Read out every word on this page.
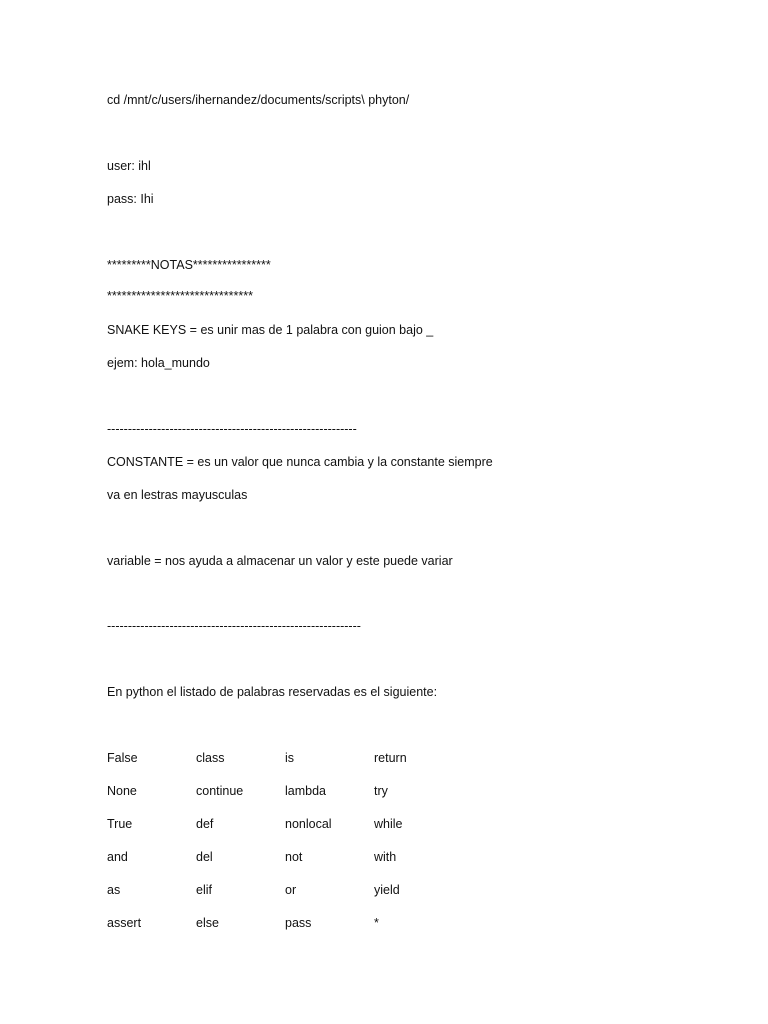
cd /mnt/c/users/ihernandez/documents/scripts\ phyton/
user: ihl
pass: Ihi
*********NOTAS****************
******************************
SNAKE KEYS = es unir mas de 1 palabra con guion bajo _
ejem: hola_mundo
------------------------------------------------------------
CONSTANTE = es un valor que nunca cambia y la constante siempre
va en lestras mayusculas
variable = nos ayuda a almacenar un valor y este puede variar
-------------------------------------------------------------
En python el listado de palabras reservadas es el siguiente:
False	class	is	return
None	continue	lambda	try
True	def	nonlocal	while
and	del	not	with
as	elif	or	yield
assert	else	pass	*
